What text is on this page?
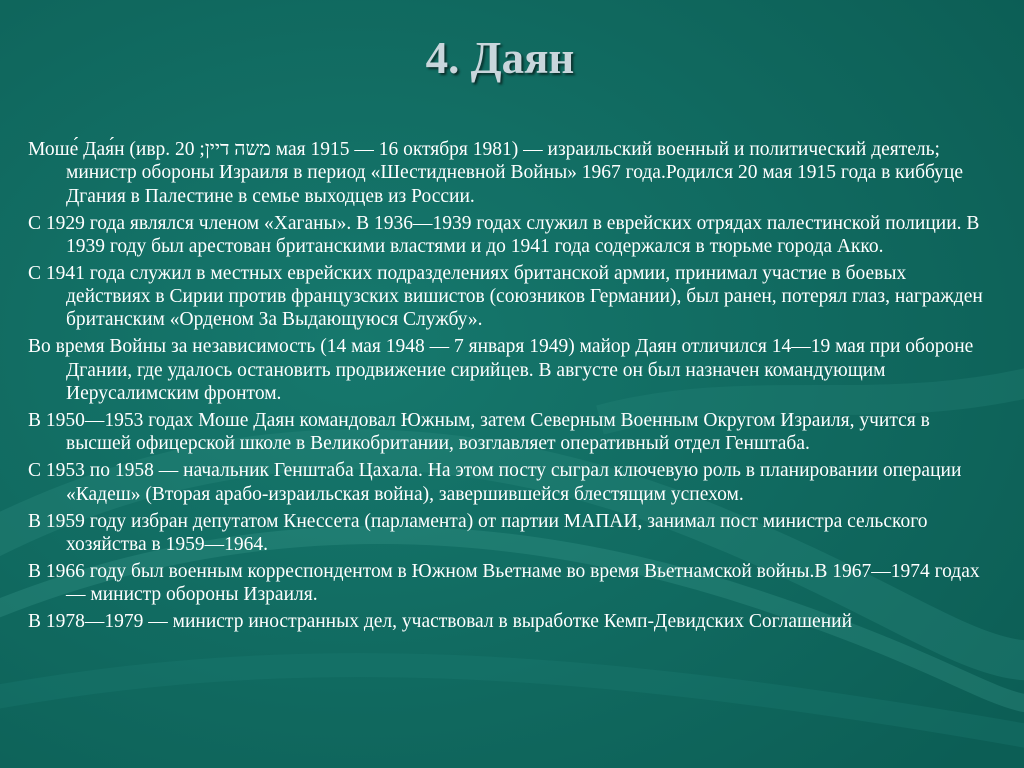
4. Даян
Моше́ Дая́н (ивр. משה דיין; 20 мая 1915 — 16 октября 1981) — израильский военный и политический деятель; министр обороны Израиля в период «Шестидневной Войны» 1967 года.Родился 20 мая 1915 года в киббуце Дгания в Палестине в семье выходцев из России.
С 1929 года являлся членом «Хаганы». В 1936—1939 годах служил в еврейских отрядах палестинской полиции. В 1939 году был арестован британскими властями и до 1941 года содержался в тюрьме города Акко.
С 1941 года служил в местных еврейских подразделениях британской армии, принимал участие в боевых действиях в Сирии против французских вишистов (союзников Германии), был ранен, потерял глаз, награжден британским «Орденом За Выдающуюся Службу».
Во время Войны за независимость (14 мая 1948 — 7 января 1949) майор Даян отличился 14—19 мая при обороне Дгании, где удалось остановить продвижение сирийцев. В августе он был назначен командующим Иерусалимским фронтом.
В 1950—1953 годах Моше Даян командовал Южным, затем Северным Военным Округом Израиля, учится в высшей офицерской школе в Великобритании, возглавляет оперативный отдел Генштаба.
С 1953 по 1958 — начальник Генштаба Цахала. На этом посту сыграл ключевую роль в планировании операции «Кадеш» (Вторая арабо-израильская война), завершившейся блестящим успехом.
В 1959 году избран депутатом Кнессета (парламента) от партии МАПАИ, занимал пост министра сельского хозяйства в 1959—1964.
В 1966 году был военным корреспондентом в Южном Вьетнаме во время Вьетнамской войны.В 1967—1974 годах — министр обороны Израиля.
В 1978—1979 — министр иностранных дел, участвовал в выработке Кемп-Девидских Соглашений
